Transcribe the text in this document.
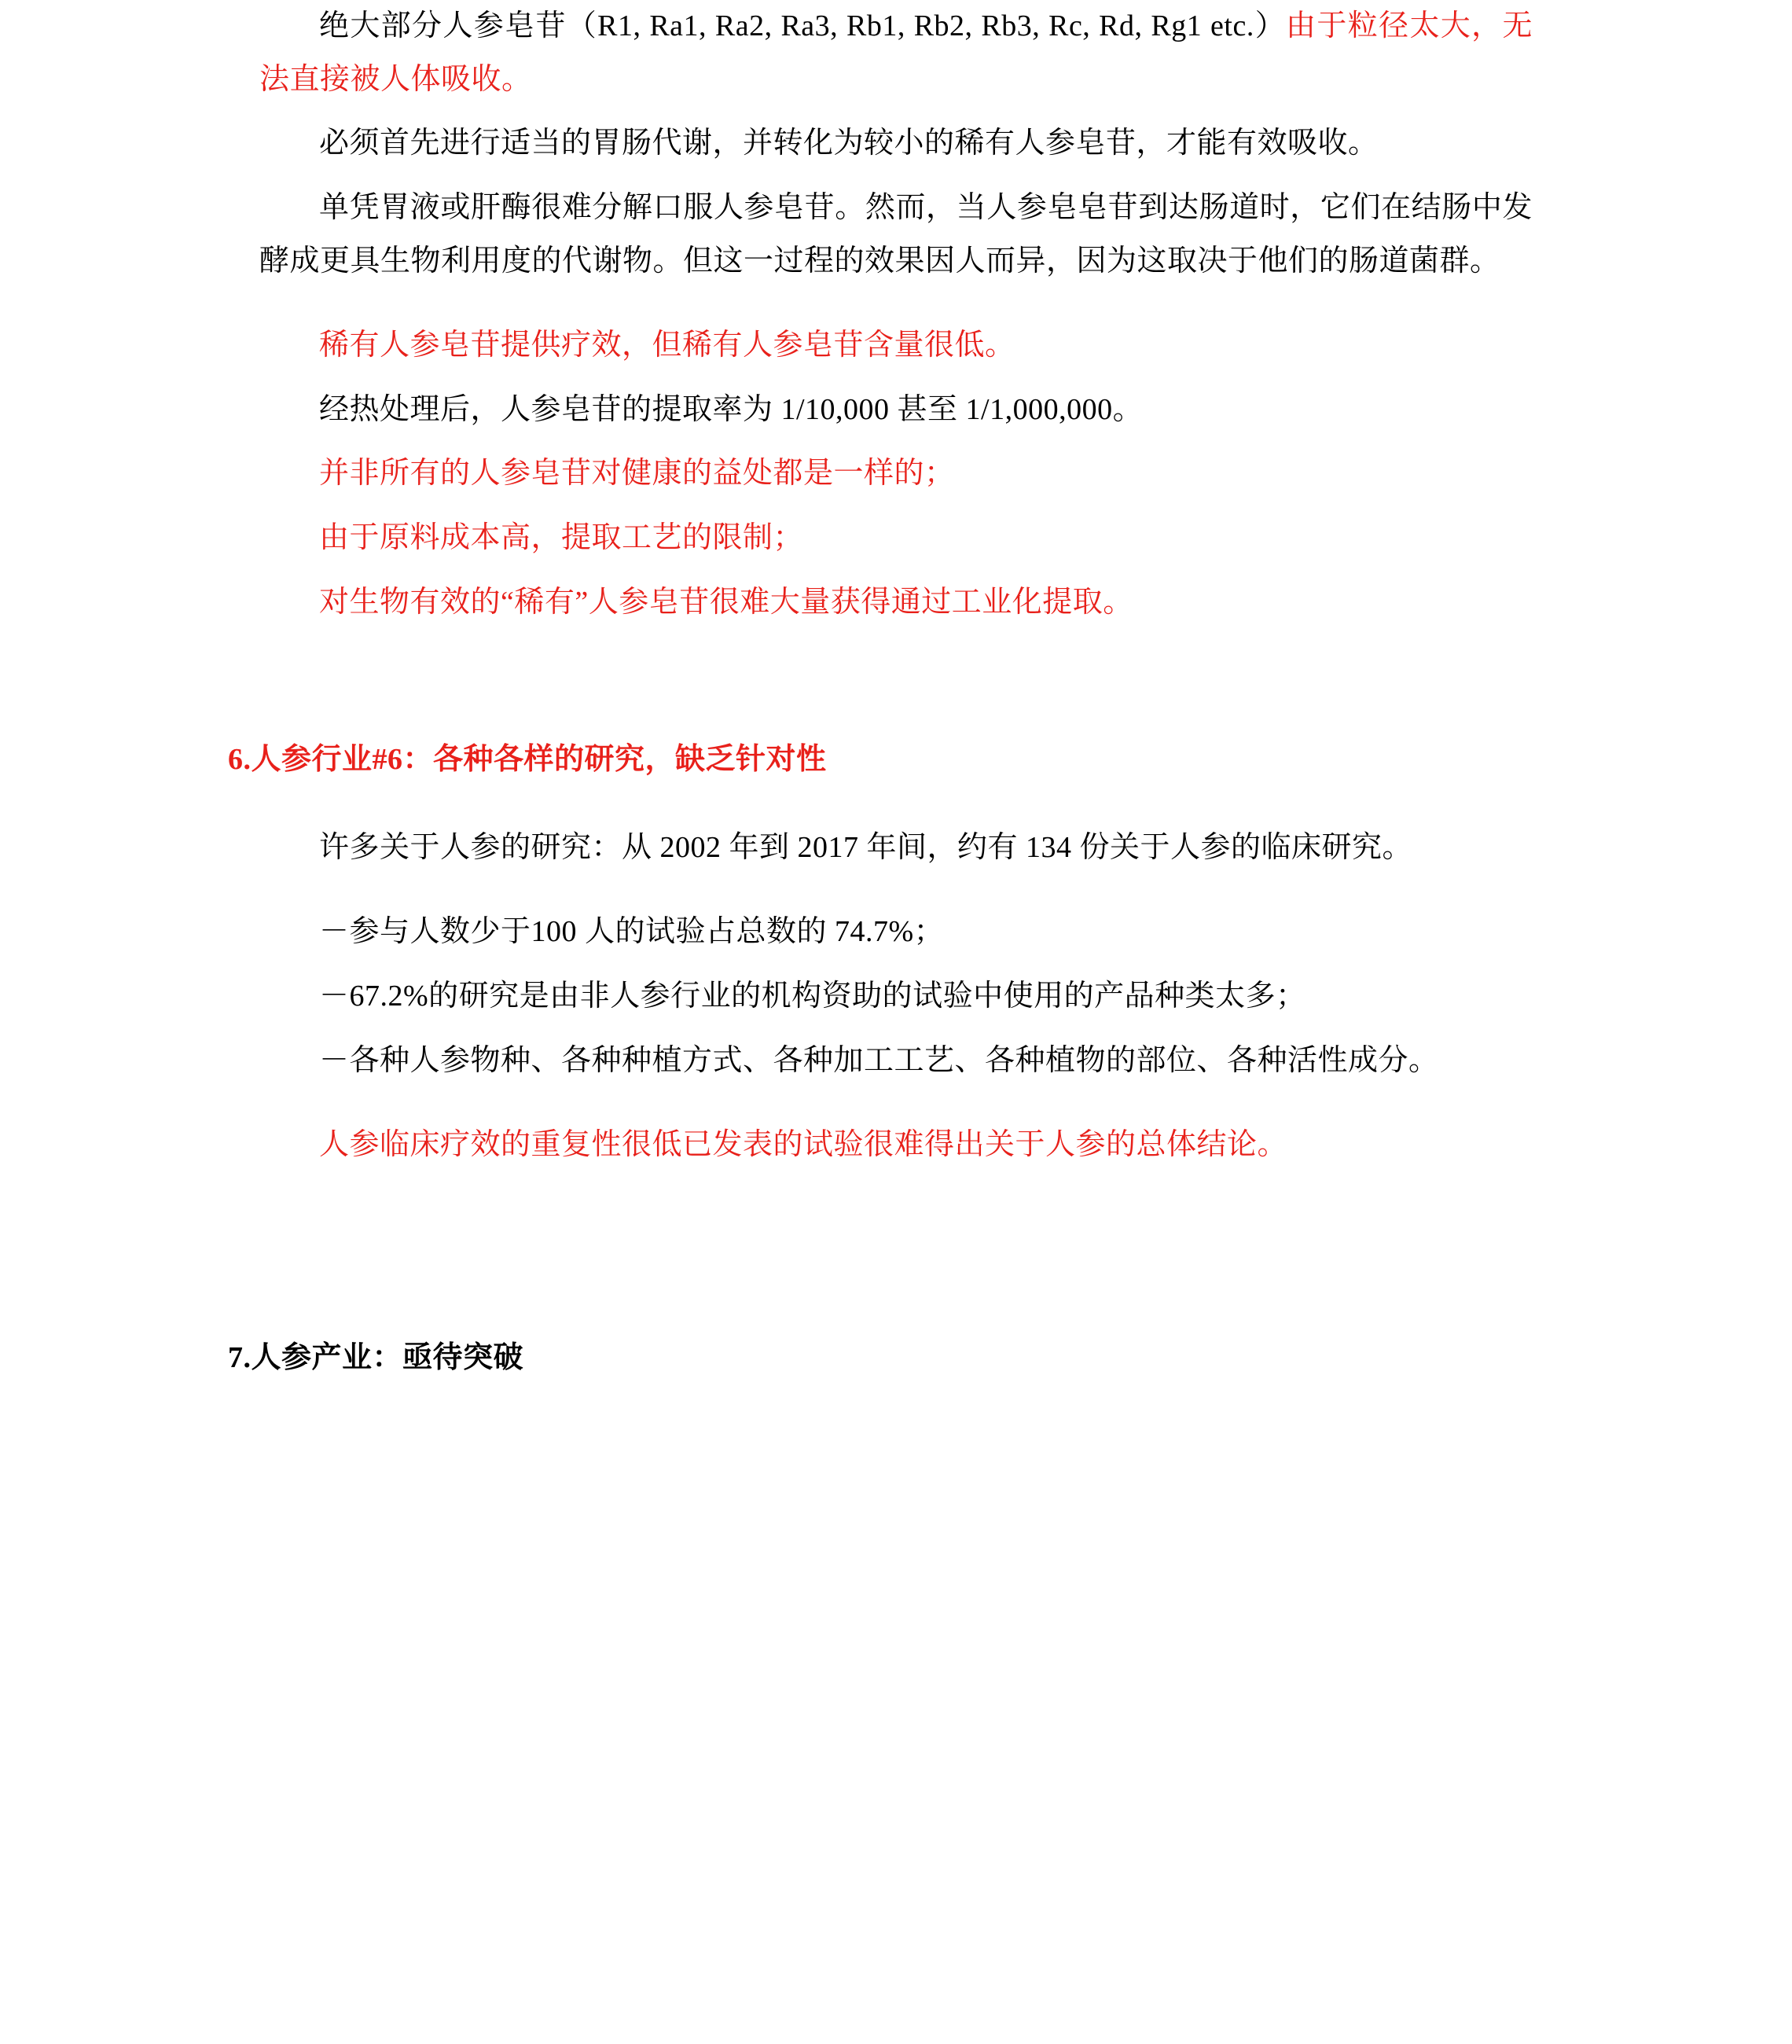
绝大部分人参皂苷（R1, Ra1, Ra2, Ra3, Rb1, Rb2, Rb3, Rc, Rd, Rg1 etc.）由于粒径太大，无法直接被人体吸收。

必须首先进行适当的胃肠代谢，并转化为较小的稀有人参皂苷，才能有效吸收。

单凭胃液或肝酶很难分解口服人参皂苷。然而，当人参皂皂苷到达肠道时，它们在结肠中发酵成更具生物利用度的代谢物。但这一过程的效果因人而异，因为这取决于他们的肠道菌群。

稀有人参皂苷提供疗效，但稀有人参皂苷含量很低。

经热处理后，人参皂苷的提取率为 1/10,000 甚至 1/1,000,000。

并非所有的人参皂苷对健康的益处都是一样的；

由于原料成本高，提取工艺的限制；

对生物有效的“稀有”人参皂苷很难大量获得通过工业化提取。

6.人参行业#6：各种各样的研究，缺乏针对性

许多关于人参的研究：从 2002 年到 2017 年间，约有 134 份关于人参的临床研究。

－参与人数少于100 人的试验占总数的 74.7%；

－67.2%的研究是由非人参行业的机构资助的试验中使用的产品种类太多；

－各种人参物种、各种种植方式、各种加工工艺、各种植物的部位、各种活性成分。

人参临床疗效的重复性很低已发表的试验很难得出关于人参的总体结论。

7.人参产业：亟待突破
